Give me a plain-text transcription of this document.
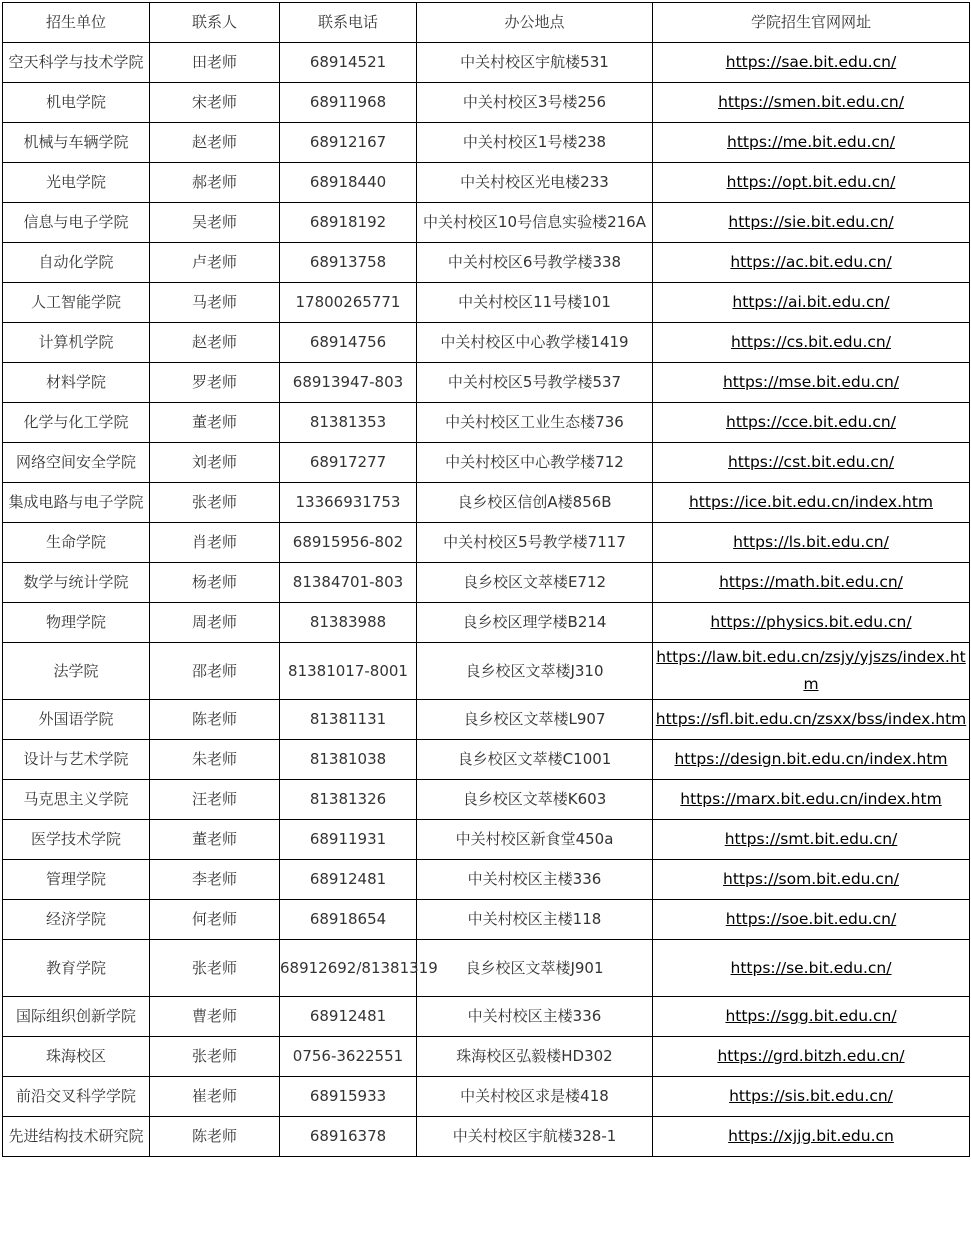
招生单位	联系人	联系电话	办公地点	学院招生官网网址
空天科学与技术学院	田老师	68914521	中关村校区宇航楼531	https://sae.bit.edu.cn/
机电学院	宋老师	68911968	中关村校区3号楼256	https://smen.bit.edu.cn/
机械与车辆学院	赵老师	68912167	中关村校区1号楼238	https://me.bit.edu.cn/
光电学院	郝老师	68918440	中关村校区光电楼233	https://opt.bit.edu.cn/
信息与电子学院	吴老师	68918192	中关村校区10号信息实验楼216A	https://sie.bit.edu.cn/
自动化学院	卢老师	68913758	中关村校区6号教学楼338	https://ac.bit.edu.cn/
人工智能学院	马老师	17800265771	中关村校区11号楼101	https://ai.bit.edu.cn/
计算机学院	赵老师	68914756	中关村校区中心教学楼1419	https://cs.bit.edu.cn/
材料学院	罗老师	68913947-803	中关村校区5号教学楼537	https://mse.bit.edu.cn/
化学与化工学院	董老师	81381353	中关村校区工业生态楼736	https://cce.bit.edu.cn/
网络空间安全学院	刘老师	68917277	中关村校区中心教学楼712	https://cst.bit.edu.cn/
集成电路与电子学院	张老师	13366931753	良乡校区信创A楼856B	https://ice.bit.edu.cn/index.htm
生命学院	肖老师	68915956-802	中关村校区5号教学楼7117	https://ls.bit.edu.cn/
数学与统计学院	杨老师	81384701-803	良乡校区文萃楼E712	https://math.bit.edu.cn/
物理学院	周老师	81383988	良乡校区理学楼B214	https://physics.bit.edu.cn/
法学院	邵老师	81381017-8001	良乡校区文萃楼J310	https://law.bit.edu.cn/zsjy/yjszs/index.htm
外国语学院	陈老师	81381131	良乡校区文萃楼L907	https://sfl.bit.edu.cn/zsxx/bss/index.htm
设计与艺术学院	朱老师	81381038	良乡校区文萃楼C1001	https://design.bit.edu.cn/index.htm
马克思主义学院	汪老师	81381326	良乡校区文萃楼K603	https://marx.bit.edu.cn/index.htm
医学技术学院	董老师	68911931	中关村校区新食堂450a	https://smt.bit.edu.cn/
管理学院	李老师	68912481	中关村校区主楼336	https://som.bit.edu.cn/
经济学院	何老师	68918654	中关村校区主楼118	https://soe.bit.edu.cn/
教育学院	张老师	68912692/81381319	良乡校区文萃楼J901	https://se.bit.edu.cn/
国际组织创新学院	曹老师	68912481	中关村校区主楼336	https://sgg.bit.edu.cn/
珠海校区	张老师	0756-3622551	珠海校区弘毅楼HD302	https://grd.bitzh.edu.cn/
前沿交叉科学学院	崔老师	68915933	中关村校区求是楼418	https://sis.bit.edu.cn/
先进结构技术研究院	陈老师	68916378	中关村校区宇航楼328-1	https://xjjg.bit.edu.cn
